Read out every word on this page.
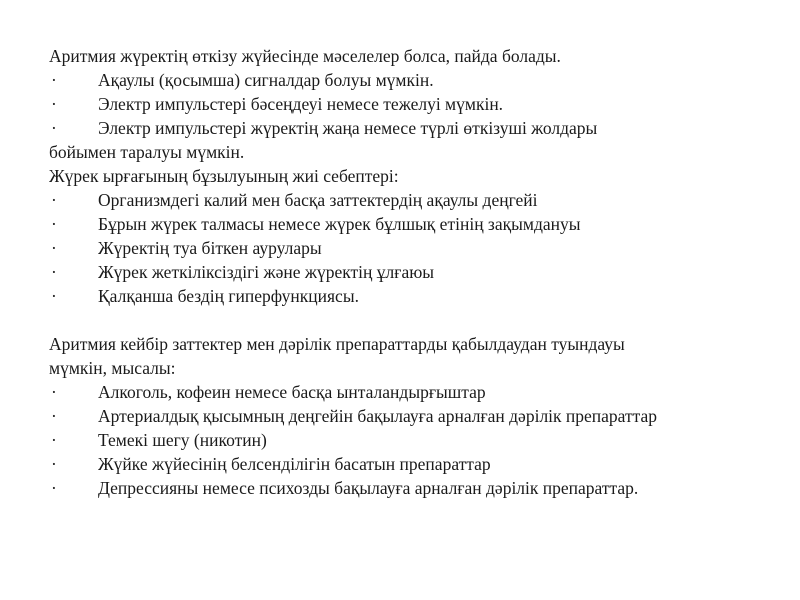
Аритмия жүректің өткізу жүйесінде мәселелер болса, пайда болады.

·	Ақаулы (қосымша) сигналдар болуы мүмкін.
·	Электр импульстері бәсеңдеуі немесе тежелуі мүмкін.
·	Электр импульстері жүректің жаңа немесе түрлі өткізуші жолдары

бойымен таралуы мүмкін.

Жүрек ырғағының бұзылуының жиі себептері:

·	Организмдегі калий мен басқа заттектердің ақаулы деңгейі
·	Бұрын жүрек талмасы немесе жүрек бұлшық етінің зақымдануы
·	Жүректің туа біткен аурулары
·	Жүрек жеткіліксіздігі және жүректің ұлғаюы
·	Қалқанша бездің гиперфункциясы.

Аритмия кейбір заттектер мен дәрілік препараттарды қабылдаудан туындауы

мүмкін, мысалы:

·	Алкоголь, кофеин немесе басқа ынталандырғыштар
·	Артериалдық қысымның деңгейін бақылауға арналған дәрілік препараттар
·	Темекі шегу (никотин)
·	Жүйке жүйесінің белсенділігін басатын препараттар
·	Депрессияны немесе психозды бақылауға арналған дәрілік препараттар.
